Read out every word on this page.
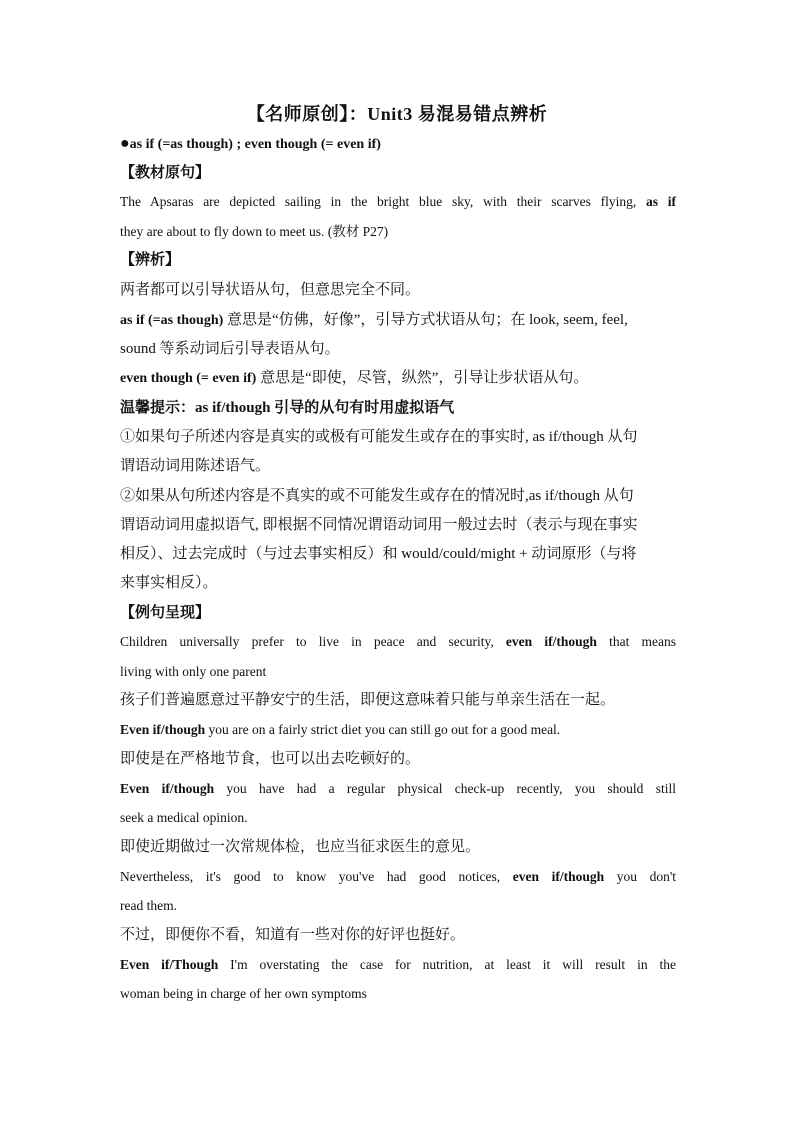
【名师原创】：Unit3 易混易错点辨析
●as if (=as though) ; even though (= even if)
【教材原句】
The Apsaras are depicted sailing in the bright blue sky, with their scarves flying, as if
they are about to fly down to meet us. (教材 P27)
【辨析】
两者都可以引导状语从句，但意思完全不同。
as if (=as though) 意思是“仿佛，好像”，引导方式状语从句；在 look, seem, feel,
sound 等系动词后引导表语从句。
even though (= even if) 意思是“即使，尽管，纵然”，引导让步状语从句。
温馨提示：as if/though 引导的从句有时用虚拟语气
①如果句子所述内容是真实的或极有可能发生或存在的事实时, as if/though 从句
谓语动词用陈述语气。
②如果从句所述内容是不真实的或不可能发生或存在的情况时,as if/though 从句
谓语动词用虚拟语气, 即根据不同情况谓语动词用一般过去时（表示与现在事实
相反）、过去完成时（与过去事实相反）和 would/could/might + 动词原形（与将
来事实相反）。
【例句呈现】
Children universally prefer to live in peace and security, even if/though that means
living with only one parent
孩子们普遍愿意过平静安宁的生活，即便这意味着只能与单亲生活在一起。
Even if/though you are on a fairly strict diet you can still go out for a good meal.
即使是在严格地节食，也可以出去吃顿好的。
Even if/though you have had a regular physical check-up recently, you should still
seek a medical opinion.
即使近期做过一次常规体检，也应当征求医生的意见。
Nevertheless, it's good to know you've had good notices, even if/though you don't
read them.
不过，即便你不看，知道有一些对你的好评也挺好。
Even if/Though I'm overstating the case for nutrition, at least it will result in the
woman being in charge of her own symptoms
